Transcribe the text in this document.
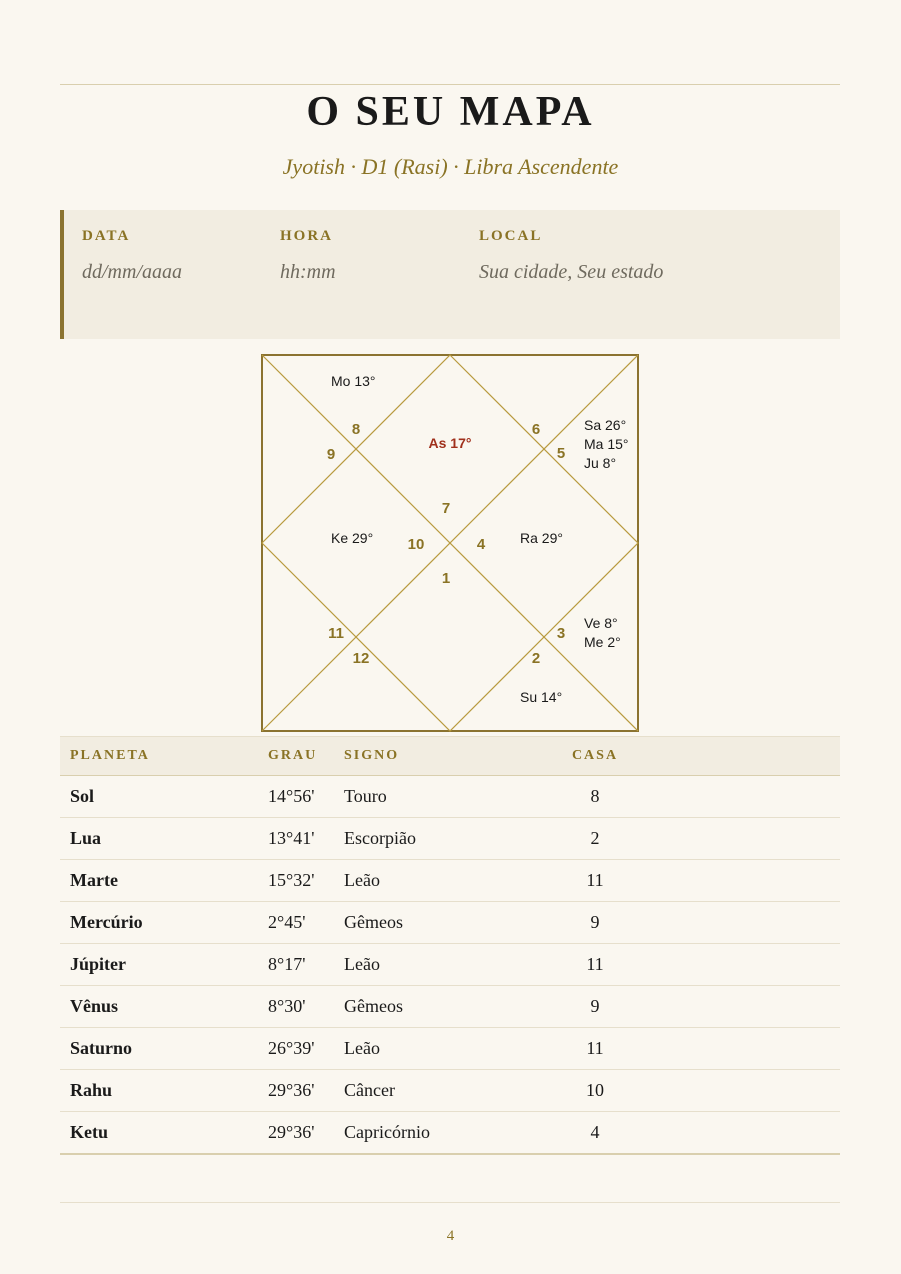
O SEU MAPA
Jyotish · D1 (Rasi) · Libra Ascendente
DATA
dd/mm/aaaa
HORA
hh:mm
LOCAL
Sua cidade, Seu estado
7
6
5
4
3
2
1
12
11
10
9
8
As 17°
Mo 13°
Sa 26°
Ma 15°
Ju 8°
Ke 29°	Ra 29°
Ve 8°
Me 2°
Su 14°
PLANETA	GRAU	SIGNO	CASA	
Sol	14°56'	Touro	8	
Lua	13°41'	Escorpião	2	
Marte	15°32'	Leão	11	
Mercúrio	2°45'	Gêmeos	9	
Júpiter	8°17'	Leão	11	
Vênus	8°30'	Gêmeos	9	
Saturno	26°39'	Leão	11	
Rahu	29°36'	Câncer	10	
Ketu	29°36'	Capricórnio	4	
4
